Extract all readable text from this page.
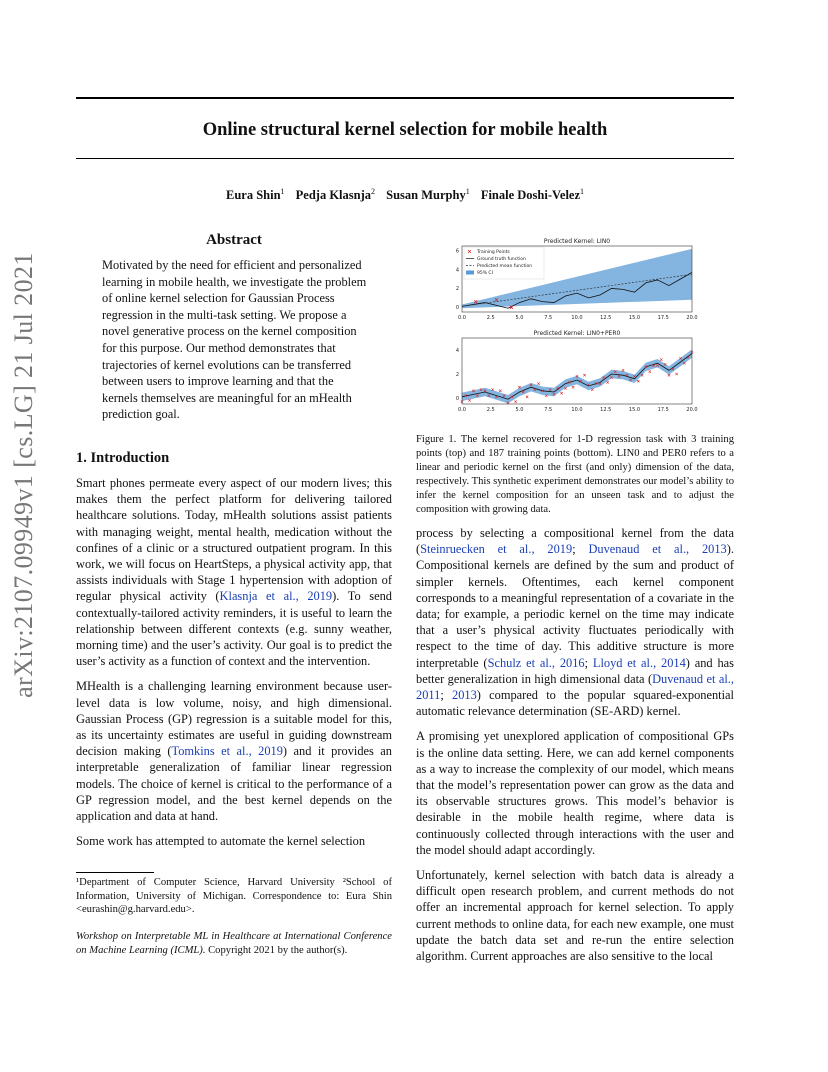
Online structural kernel selection for mobile health
Eura Shin$^1$ Pedja Klasnja$^2$ Susan Murphy$^1$ Finale Doshi-Velez$^1$
arXiv:2107.09949v1 [cs.LG] 21 Jul 2021
Abstract
Motivated by the need for efficient and personalized learning in mobile health, we investigate the problem of online kernel selection for Gaussian Process regression in the multi-task setting. We propose a novel generative process on the kernel composition for this purpose. Our method demonstrates that trajectories of kernel evolutions can be transferred between users to improve learning and that the kernels themselves are meaningful for an mHealth prediction goal.
1. Introduction

Smart phones permeate every aspect of our modern lives; this makes them the perfect platform for delivering tailored healthcare solutions. Today, mHealth solutions assist patients with managing weight, mental health, medication without the confines of a clinic or a structured outpatient program. In this work, we will focus on HeartSteps, a physical activity app, that assists individuals with Stage 1 hypertension with adoption of regular physical activity (Klasnja et al., 2019). To send contextually-tailored activity reminders, it is useful to learn the relationship between different contexts (e.g. sunny weather, morning time) and the user’s activity. Our goal is to predict the user’s activity as a function of context and the intervention.

MHealth is a challenging learning environment because user-level data is low volume, noisy, and high dimensional. Gaussian Process (GP) regression is a suitable model for this, as its uncertainty estimates are useful in guiding downstream decision making (Tomkins et al., 2019) and it provides an interpretable generalization of familiar linear regression models. The choice of kernel is critical to the performance of a GP regression model, and the best kernel depends on the application and data at hand.

Some work has attempted to automate the kernel selection

¹Department of Computer Science, Harvard University ²School of Information, University of Michigan. Correspondence to: Eura Shin <eurashin@g.harvard.edu>.
Workshop on Interpretable ML in Healthcare at International Conference on Machine Learning (ICML). Copyright 2021 by the author(s).
Predicted Kernel: LIN0
0.0	2.5	5.0	7.5	10.0	12.5	15.0	17.5	20.0
0
2
4
6	Training Points
Ground truth function
Predicted mean function
95% CI
Predicted Kernel: LIN0+PER0
0.0	2.5	5.0	7.5	10.0	12.5	15.0	17.5	20.0
0
2
4
Figure 1. The kernel recovered for 1-D regression task with 3 training points (top) and 187 training points (bottom). LIN0 and PER0 refers to a linear and periodic kernel on the first (and only) dimension of the data, respectively. This synthetic experiment demonstrates our model’s ability to infer the kernel composition for an unseen task and to adjust the composition with growing data.

process by selecting a compositional kernel from the data (Steinruecken et al., 2019; Duvenaud et al., 2013). Compositional kernels are defined by the sum and product of simpler kernels. Oftentimes, each kernel component corresponds to a meaningful representation of a covariate in the data; for example, a periodic kernel on the time may indicate that a user’s physical activity fluctuates periodically with respect to the time of day. This additive structure is more interpretable (Schulz et al., 2016; Lloyd et al., 2014) and has better generalization in high dimensional data (Duvenaud et al., 2011; 2013) compared to the popular squared-exponential automatic relevance determination (SE-ARD) kernel.

A promising yet unexplored application of compositional GPs is the online data setting. Here, we can add kernel components as a way to increase the complexity of our model, which means that the model’s representation power can grow as the data and its observable structures grows. This model’s behavior is desirable in the mobile health regime, where data is continuously collected through interactions with the user and the model should adapt accordingly.

Unfortunately, kernel selection with batch data is already a difficult open research problem, and current methods do not offer an incremental approach for kernel selection. To apply current methods to online data, for each new example, one must update the batch data set and re-run the entire selection algorithm. Current approaches are also sensitive to the local
